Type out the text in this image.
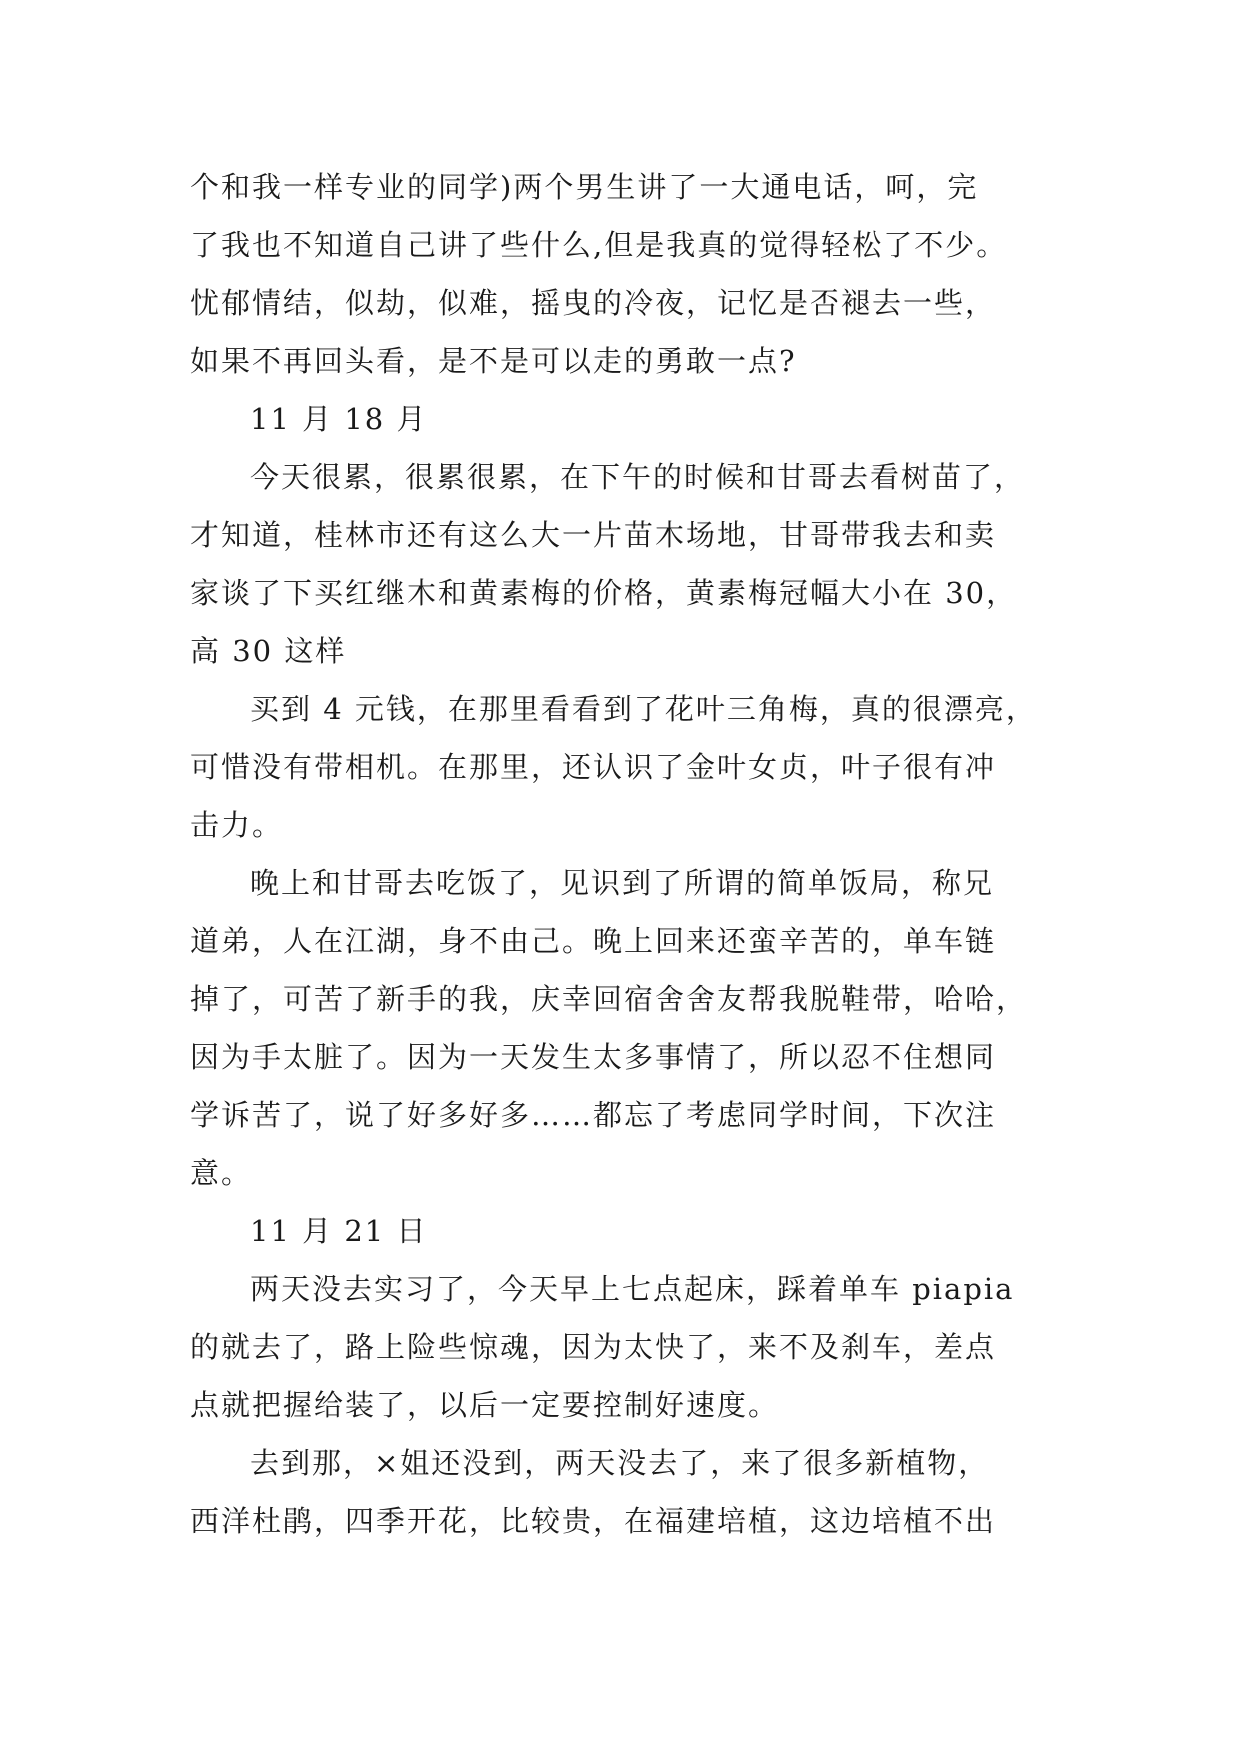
个和我一样专业的同学)两个男生讲了一大通电话，呵，完
了我也不知道自己讲了些什么,但是我真的觉得轻松了不少。
忧郁情结，似劫，似难，摇曳的冷夜，记忆是否褪去一些，
如果不再回头看，是不是可以走的勇敢一点?
11 月 18 月
今天很累，很累很累，在下午的时候和甘哥去看树苗了，
才知道，桂林市还有这么大一片苗木场地，甘哥带我去和卖
家谈了下买红继木和黄素梅的价格，黄素梅冠幅大小在 30，
高 30 这样
买到 4 元钱，在那里看看到了花叶三角梅，真的很漂亮，
可惜没有带相机。在那里，还认识了金叶女贞，叶子很有冲
击力。
晚上和甘哥去吃饭了，见识到了所谓的简单饭局，称兄
道弟，人在江湖，身不由己。晚上回来还蛮辛苦的，单车链
掉了，可苦了新手的我，庆幸回宿舍舍友帮我脱鞋带，哈哈，
因为手太脏了。因为一天发生太多事情了，所以忍不住想同
学诉苦了，说了好多好多……都忘了考虑同学时间，下次注
意。
11 月 21 日
两天没去实习了，今天早上七点起床，踩着单车 piapia
的就去了，路上险些惊魂，因为太快了，来不及刹车，差点
点就把握给装了，以后一定要控制好速度。
去到那，×姐还没到，两天没去了，来了很多新植物，
西洋杜鹃，四季开花，比较贵，在福建培植，这边培植不出
